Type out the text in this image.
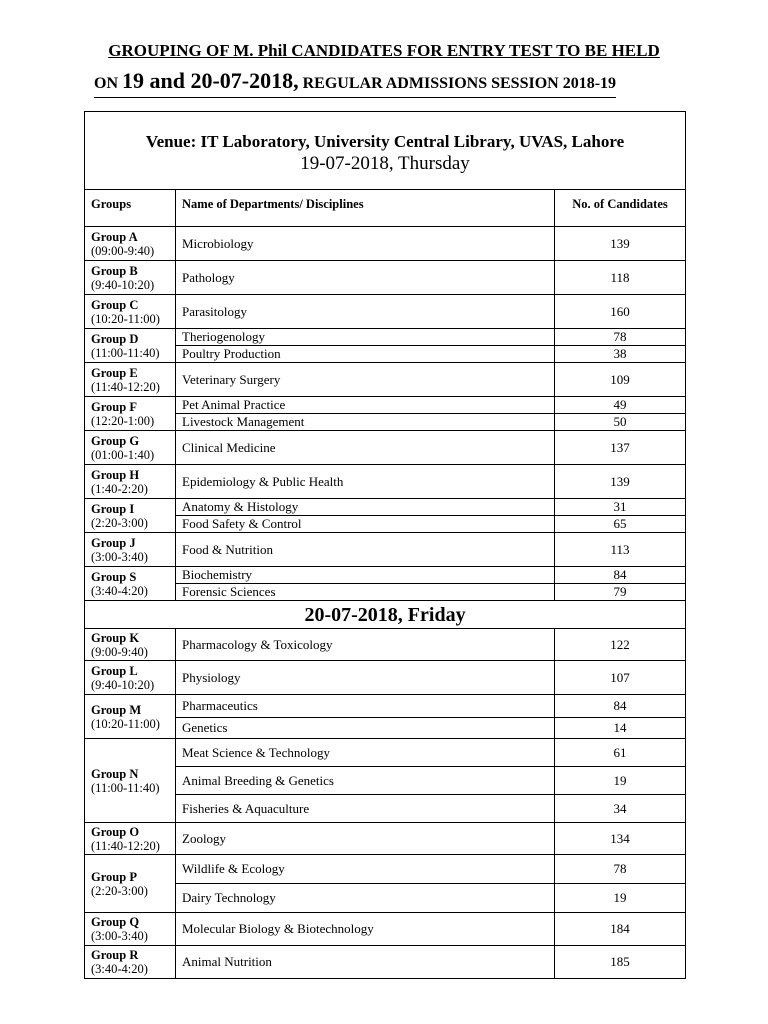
GROUPING OF M. Phil CANDIDATES FOR ENTRY TEST TO BE HELD
ON 19 and 20-07-2018, REGULAR ADMISSIONS SESSION 2018-19
Venue: IT Laboratory, University Central Library, UVAS, Lahore
19-07-2018, Thursday		

Groups	Name of Departments/ Disciplines	No. of Candidates
Group A
(09:00-9:40)	Microbiology	139
Group B
(9:40-10:20)	Pathology	118
Group C
(10:20-11:00)	Parasitology	160
Group D
(11:00-11:40)	Theriogenology	78
	Poultry Production	38
Group E
(11:40-12:20)	Veterinary Surgery	109
Group F
(12:20-1:00)	Pet Animal Practice	49
	Livestock Management	50
Group G
(01:00-1:40)	Clinical Medicine	137
Group H
(1:40-2:20)	Epidemiology & Public Health	139
Group I
(2:20-3:00)	Anatomy & Histology	31
	Food Safety & Control	65
Group J
(3:00-3:40)	Food & Nutrition	113
Group S
(3:40-4:20)	Biochemistry	84
	Forensic Sciences	79
20-07-2018, Friday		
Group K
(9:00-9:40)	Pharmacology & Toxicology	122
Group L
(9:40-10:20)	Physiology	107
Group M
(10:20-11:00)	Pharmaceutics	84
	Genetics	14
Group N
(11:00-11:40)	Meat Science & Technology	61
	Animal Breeding & Genetics	19
	Fisheries & Aquaculture	34
Group O
(11:40-12:20)	Zoology	134
Group P
(2:20-3:00)	Wildlife & Ecology	78
	Dairy Technology	19
Group Q
(3:00-3:40)	Molecular Biology & Biotechnology	184
Group R
(3:40-4:20)	Animal Nutrition	185
